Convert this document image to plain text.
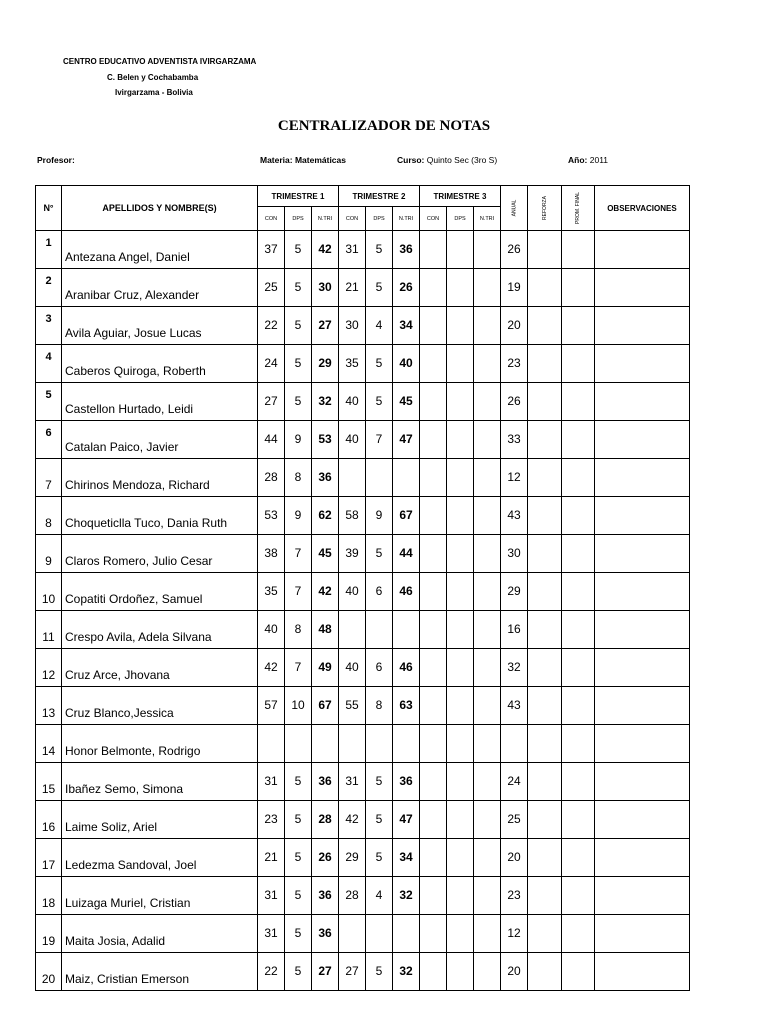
CENTRO EDUCATIVO ADVENTISTA IVIRGARZAMA
C. Belen y Cochabamba
Ivirgarzama - Bolivia
CENTRALIZADOR DE NOTAS
Profesor:	Materia: Matemáticas	Curso: Quinto Sec (3ro S)	Año: 2011
N°	APELLIDOS Y NOMBRE(S)	TRIMESTRE 1			TRIMESTRE 2			TRIMESTRE 3			ANUAL	REFORZA	PROM. FINAL	OBSERVACIONES
		CON	DPS	N.TRI	CON	DPS	N.TRI	CON	DPS	N.TRI				

1	Antezana Angel, Daniel	37	5	42	31	5	36				26			

2	Aranibar Cruz, Alexander	25	5	30	21	5	26				19			

3	Avila Aguiar, Josue Lucas	22	5	27	30	4	34				20			

4	Caberos Quiroga, Roberth	24	5	29	35	5	40				23			

5	Castellon Hurtado, Leidi	27	5	32	40	5	45				26			

6	Catalan Paico, Javier	44	9	53	40	7	47				33			

7	Chirinos Mendoza, Richard	28	8	36							12			

8	Choqueticlla Tuco, Dania Ruth	53	9	62	58	9	67				43			

9	Claros Romero, Julio Cesar	38	7	45	39	5	44				30			

10	Copatiti Ordoñez, Samuel	35	7	42	40	6	46				29			

11	Crespo Avila, Adela Silvana	40	8	48							16			

12	Cruz Arce, Jhovana	42	7	49	40	6	46				32			

13	Cruz Blanco,Jessica	57	10	67	55	8	63				43			

14	Honor Belmonte, Rodrigo													

15	Ibañez Semo, Simona	31	5	36	31	5	36				24			

16	Laime Soliz, Ariel	23	5	28	42	5	47				25			

17	Ledezma Sandoval, Joel	21	5	26	29	5	34				20			

18	Luizaga Muriel, Cristian	31	5	36	28	4	32				23			

19	Maita Josia, Adalid	31	5	36							12			

20	Maiz, Cristian Emerson	22	5	27	27	5	32				20			
